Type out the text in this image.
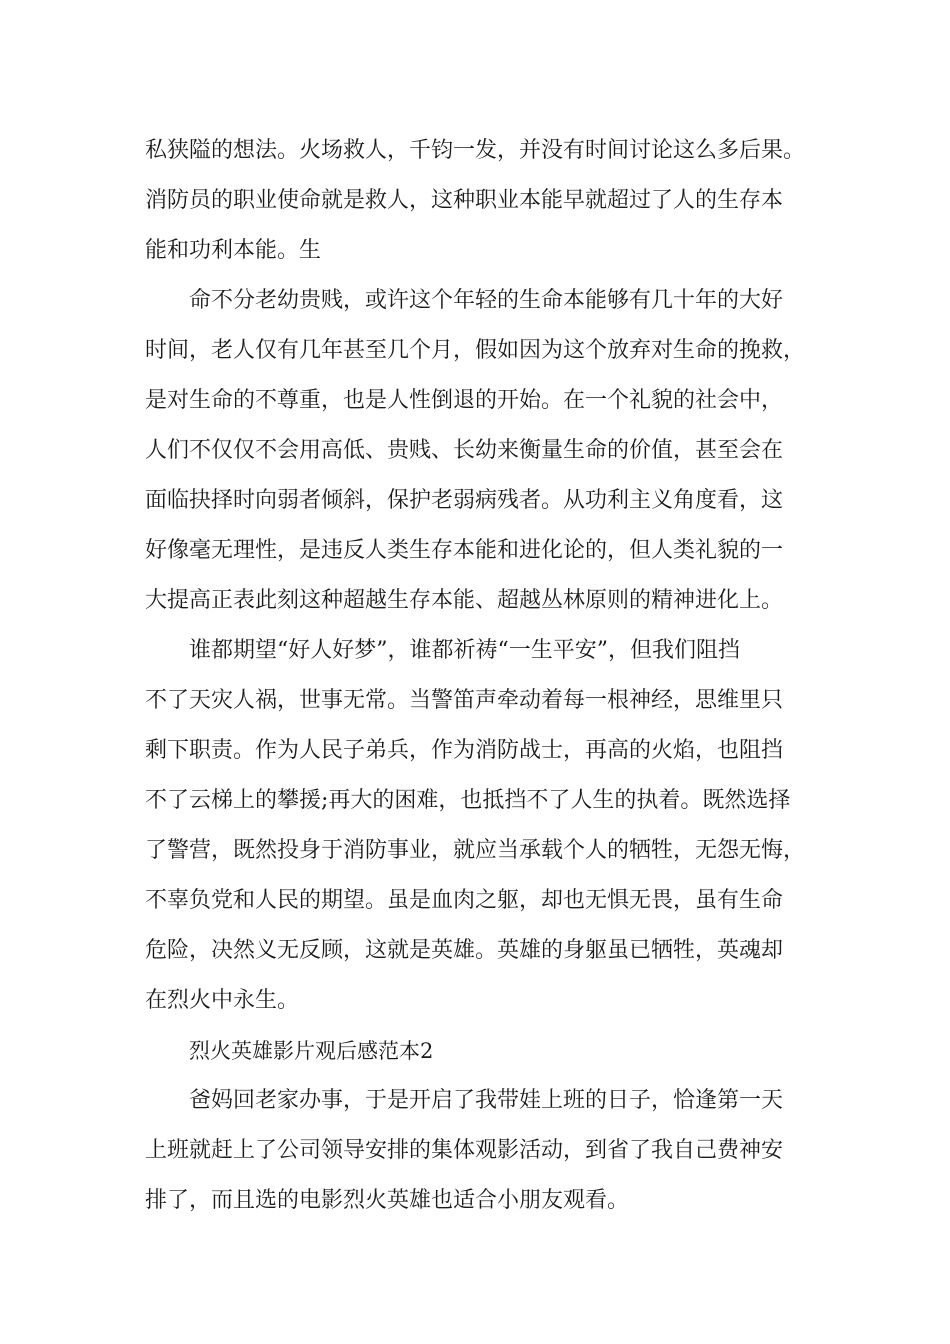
私狭隘的想法。火场救人，千钧一发，并没有时间讨论这么多后果。

消防员的职业使命就是救人，这种职业本能早就超过了人的生存本

能和功利本能。生

命不分老幼贵贱，或许这个年轻的生命本能够有几十年的大好

时间，老人仅有几年甚至几个月，假如因为这个放弃对生命的挽救，

是对生命的不尊重，也是人性倒退的开始。在一个礼貌的社会中，

人们不仅仅不会用高低、贵贱、长幼来衡量生命的价值，甚至会在

面临抉择时向弱者倾斜，保护老弱病残者。从功利主义角度看，这

好像毫无理性，是违反人类生存本能和进化论的，但人类礼貌的一

大提高正表此刻这种超越生存本能、超越丛林原则的精神进化上。

谁都期望“好人好梦”，谁都祈祷“一生平安”，但我们阻挡

不了天灾人祸，世事无常。当警笛声牵动着每一根神经，思维里只

剩下职责。作为人民子弟兵，作为消防战士，再高的火焰，也阻挡

不了云梯上的攀援;再大的困难，也抵挡不了人生的执着。既然选择

了警营，既然投身于消防事业，就应当承载个人的牺牲，无怨无悔，

不辜负党和人民的期望。虽是血肉之躯，却也无惧无畏，虽有生命

危险，决然义无反顾，这就是英雄。英雄的身躯虽已牺牲，英魂却

在烈火中永生。

烈火英雄影片观后感范本2

爸妈回老家办事，于是开启了我带娃上班的日子，恰逢第一天

上班就赶上了公司领导安排的集体观影活动，到省了我自己费神安

排了，而且选的电影烈火英雄也适合小朋友观看。
